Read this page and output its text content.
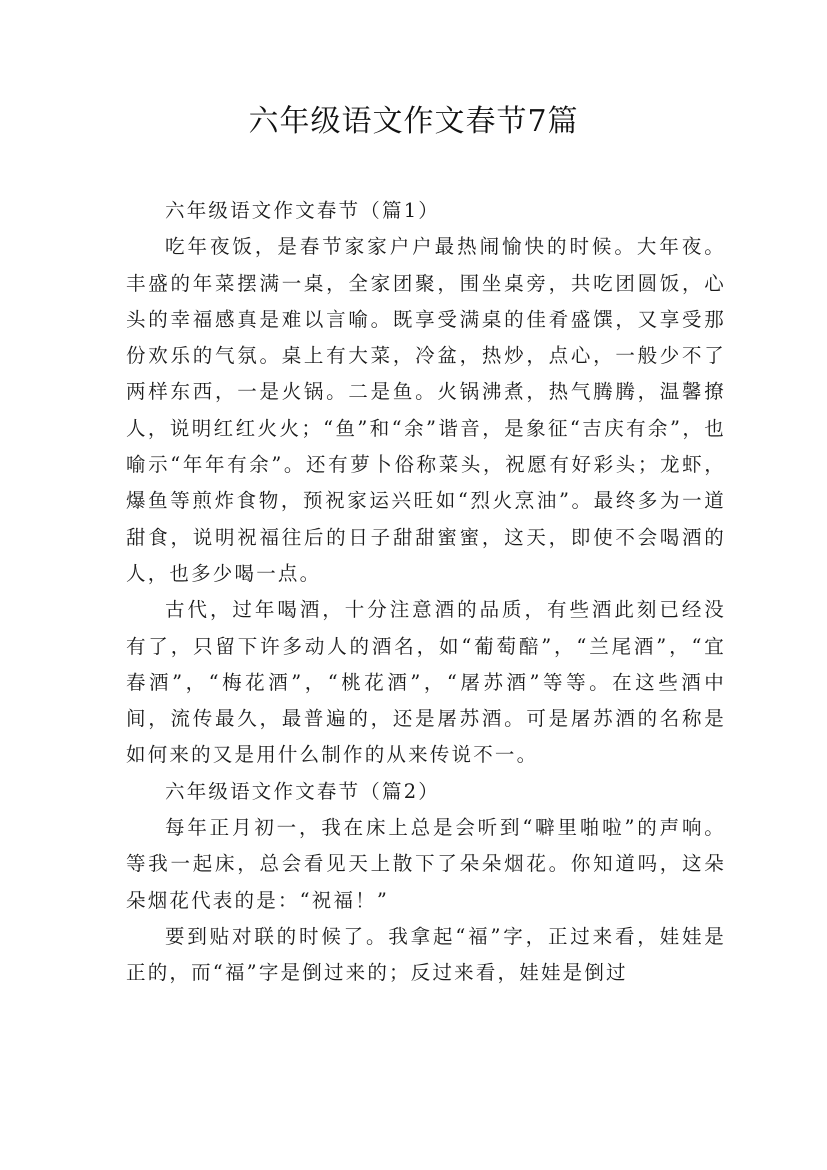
六年级语文作文春节7篇

六年级语文作文春节（篇1）

吃年夜饭，是春节家家户户最热闹愉快的时候。大年夜。丰盛的年菜摆满一桌，全家团聚，围坐桌旁，共吃团圆饭，心头的幸福感真是难以言喻。既享受满桌的佳肴盛馔，又享受那份欢乐的气氛。桌上有大菜，冷盆，热炒，点心，一般少不了两样东西，一是火锅。二是鱼。火锅沸煮，热气腾腾，温馨撩人，说明红红火火；“鱼”和“余”谐音，是象征“吉庆有余”，也喻示“年年有余”。还有萝卜俗称菜头，祝愿有好彩头；龙虾，爆鱼等煎炸食物，预祝家运兴旺如“烈火烹油”。最终多为一道甜食，说明祝福往后的日子甜甜蜜蜜，这天，即使不会喝酒的人，也多少喝一点。

古代，过年喝酒，十分注意酒的品质，有些酒此刻已经没有了，只留下许多动人的酒名，如“葡萄醅”，“兰尾酒”，“宜春酒”，“梅花酒”，“桃花酒”，“屠苏酒”等等。在这些酒中间，流传最久，最普遍的，还是屠苏酒。可是屠苏酒的名称是如何来的又是用什么制作的从来传说不一。

六年级语文作文春节（篇2）

每年正月初一，我在床上总是会听到“噼里啪啦”的声响。等我一起床，总会看见天上散下了朵朵烟花。你知道吗，这朵朵烟花代表的是：“祝福！”

要到贴对联的时候了。我拿起“福”字，正过来看，娃娃是正的，而“福”字是倒过来的；反过来看，娃娃是倒过
